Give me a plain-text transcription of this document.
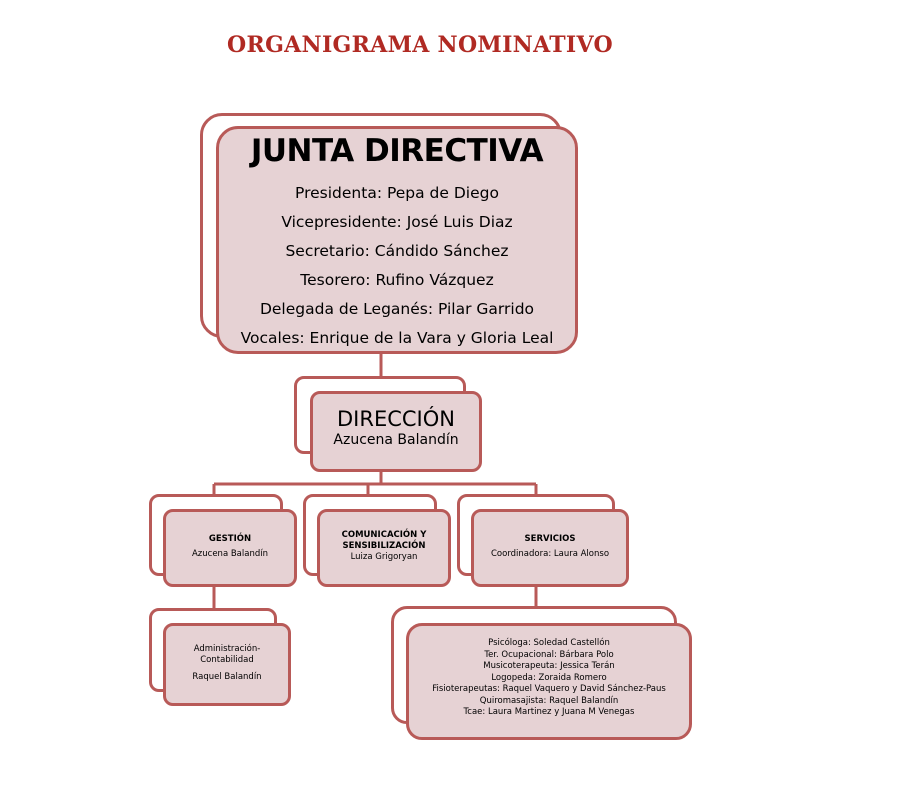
ORGANIGRAMA NOMINATIVO
JUNTA DIRECTIVA
Presidenta: Pepa de Diego
Vicepresidente: José Luis Diaz
Secretario: Cándido Sánchez
Tesorero: Rufino Vázquez
Delegada de Leganés: Pilar Garrido
Vocales: Enrique de la Vara y Gloria Leal
DIRECCIÓN
Azucena Balandín
GESTIÓN
Azucena Balandín
COMUNICACIÓN Y
SENSIBILIZACIÓN
Luiza Grigoryan
SERVICIOS
Coordinadora: Laura Alonso
Administración-
Contabilidad
Raquel Balandín
Psicóloga: Soledad Castellón
Ter. Ocupacional: Bárbara Polo
Musicoterapeuta: Jessica Terán
Logopeda: Zoraida Romero
Fisioterapeutas: Raquel Vaquero y David Sánchez-Paus
Quiromasajista: Raquel Balandín
Tcae: Laura Martinez y Juana M Venegas
